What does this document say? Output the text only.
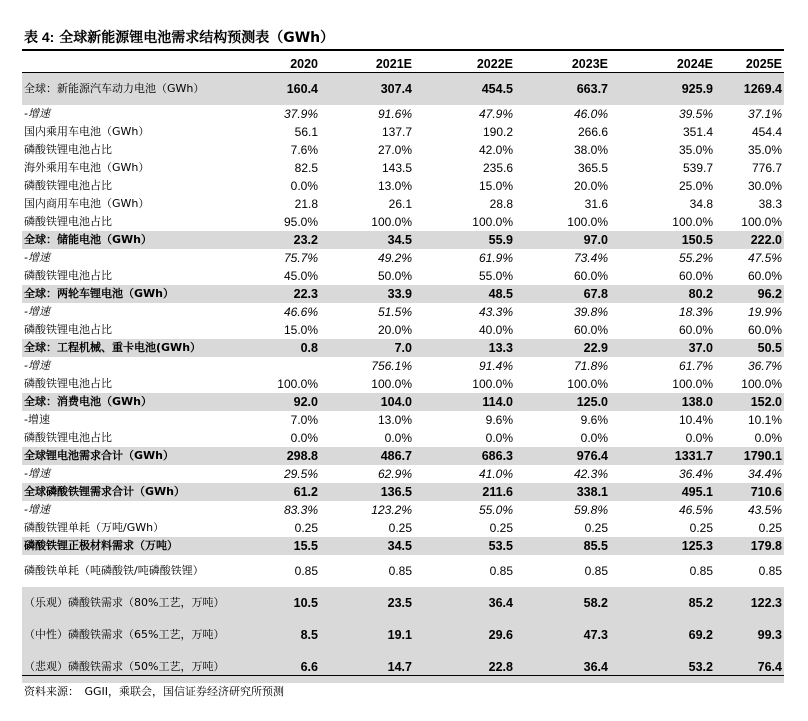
表 4: 全球新能源锂电池需求结构预测表（GWh）
	2020	2021E	2022E	2023E	2024E	2025E
全球：新能源汽车动力电池（GWh）	160.4	307.4	454.5	663.7	925.9	1269.4
-增速	37.9%	91.6%	47.9%	46.0%	39.5%	37.1%
国内乘用车电池（GWh）	56.1	137.7	190.2	266.6	351.4	454.4
磷酸铁锂电池占比	7.6%	27.0%	42.0%	38.0%	35.0%	35.0%
海外乘用车电池（GWh）	82.5	143.5	235.6	365.5	539.7	776.7
磷酸铁锂电池占比	0.0%	13.0%	15.0%	20.0%	25.0%	30.0%
国内商用车电池（GWh）	21.8	26.1	28.8	31.6	34.8	38.3
磷酸铁锂电池占比	95.0%	100.0%	100.0%	100.0%	100.0%	100.0%
全球：储能电池（GWh）	23.2	34.5	55.9	97.0	150.5	222.0
-增速	75.7%	49.2%	61.9%	73.4%	55.2%	47.5%
磷酸铁锂电池占比	45.0%	50.0%	55.0%	60.0%	60.0%	60.0%
全球：两轮车锂电池（GWh）	22.3	33.9	48.5	67.8	80.2	96.2
-增速	46.6%	51.5%	43.3%	39.8%	18.3%	19.9%
磷酸铁锂电池占比	15.0%	20.0%	40.0%	60.0%	60.0%	60.0%
全球：工程机械、重卡电池(GWh）	0.8	7.0	13.3	22.9	37.0	50.5
-增速		756.1%	91.4%	71.8%	61.7%	36.7%
磷酸铁锂电池占比	100.0%	100.0%	100.0%	100.0%	100.0%	100.0%
全球：消费电池（GWh）	92.0	104.0	114.0	125.0	138.0	152.0
-增速	7.0%	13.0%	9.6%	9.6%	10.4%	10.1%
磷酸铁锂电池占比	0.0%	0.0%	0.0%	0.0%	0.0%	0.0%
全球锂电池需求合计（GWh）	298.8	486.7	686.3	976.4	1331.7	1790.1
-增速	29.5%	62.9%	41.0%	42.3%	36.4%	34.4%
全球磷酸铁锂需求合计（GWh）	61.2	136.5	211.6	338.1	495.1	710.6
-增速	83.3%	123.2%	55.0%	59.8%	46.5%	43.5%
磷酸铁锂单耗（万吨/GWh）	0.25	0.25	0.25	0.25	0.25	0.25
磷酸铁锂正极材料需求（万吨）	15.5	34.5	53.5	85.5	125.3	179.8
磷酸铁单耗（吨磷酸铁/吨磷酸铁锂）	0.85	0.85	0.85	0.85	0.85	0.85
（乐观）磷酸铁需求（80%工艺，万吨）	10.5	23.5	36.4	58.2	85.2	122.3
（中性）磷酸铁需求（65%工艺，万吨）	8.5	19.1	29.6	47.3	69.2	99.3
（悲观）磷酸铁需求（50%工艺，万吨）	6.6	14.7	22.8	36.4	53.2	76.4
资料来源：　GGII，乘联会，国信证券经济研究所预测
